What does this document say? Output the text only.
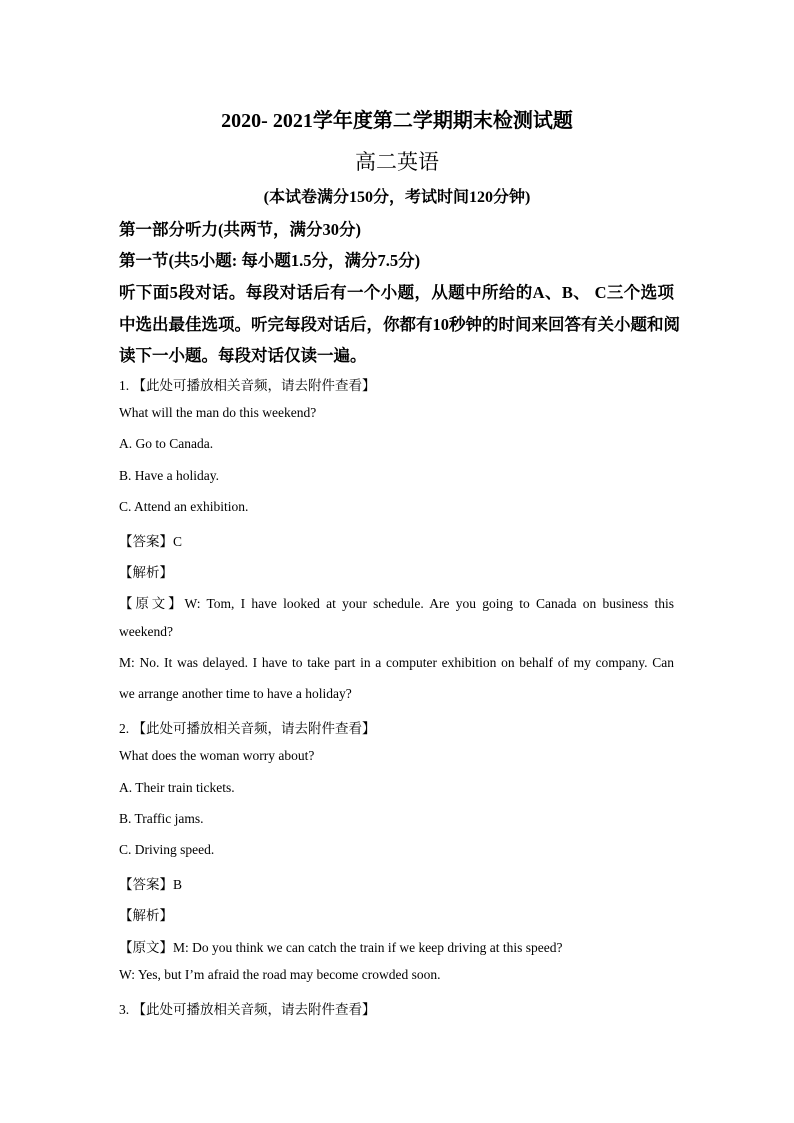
2020- 2021学年度第二学期期末检测试题
高二英语
(本试卷满分150分，考试时间120分钟)
第一部分听力(共两节，满分30分)
第一节(共5小题: 每小题1.5分，满分7.5分)
听下面5段对话。每段对话后有一个小题，从题中所给的A、B、 C三个选项
中选出最佳选项。听完每段对话后，你都有10秒钟的时间来回答有关小题和阅
读下一小题。每段对话仅读一遍。
1. 【此处可播放相关音频，请去附件查看】
What will the man do this weekend?
A. Go to Canada.
B. Have a holiday.
C. Attend an exhibition.
【答案】C
【解析】
【原文】W: Tom, I have looked at your schedule. Are you going to Canada on business this
weekend?
M: No. It was delayed. I have to take part in a computer exhibition on behalf of my company. Can
we arrange another time to have a holiday?
2. 【此处可播放相关音频，请去附件查看】
What does the woman worry about?
A. Their train tickets.
B. Traffic jams.
C. Driving speed.
【答案】B
【解析】
【原文】M: Do you think we can catch the train if we keep driving at this speed?
W: Yes, but I’m afraid the road may become crowded soon.
3. 【此处可播放相关音频，请去附件查看】
